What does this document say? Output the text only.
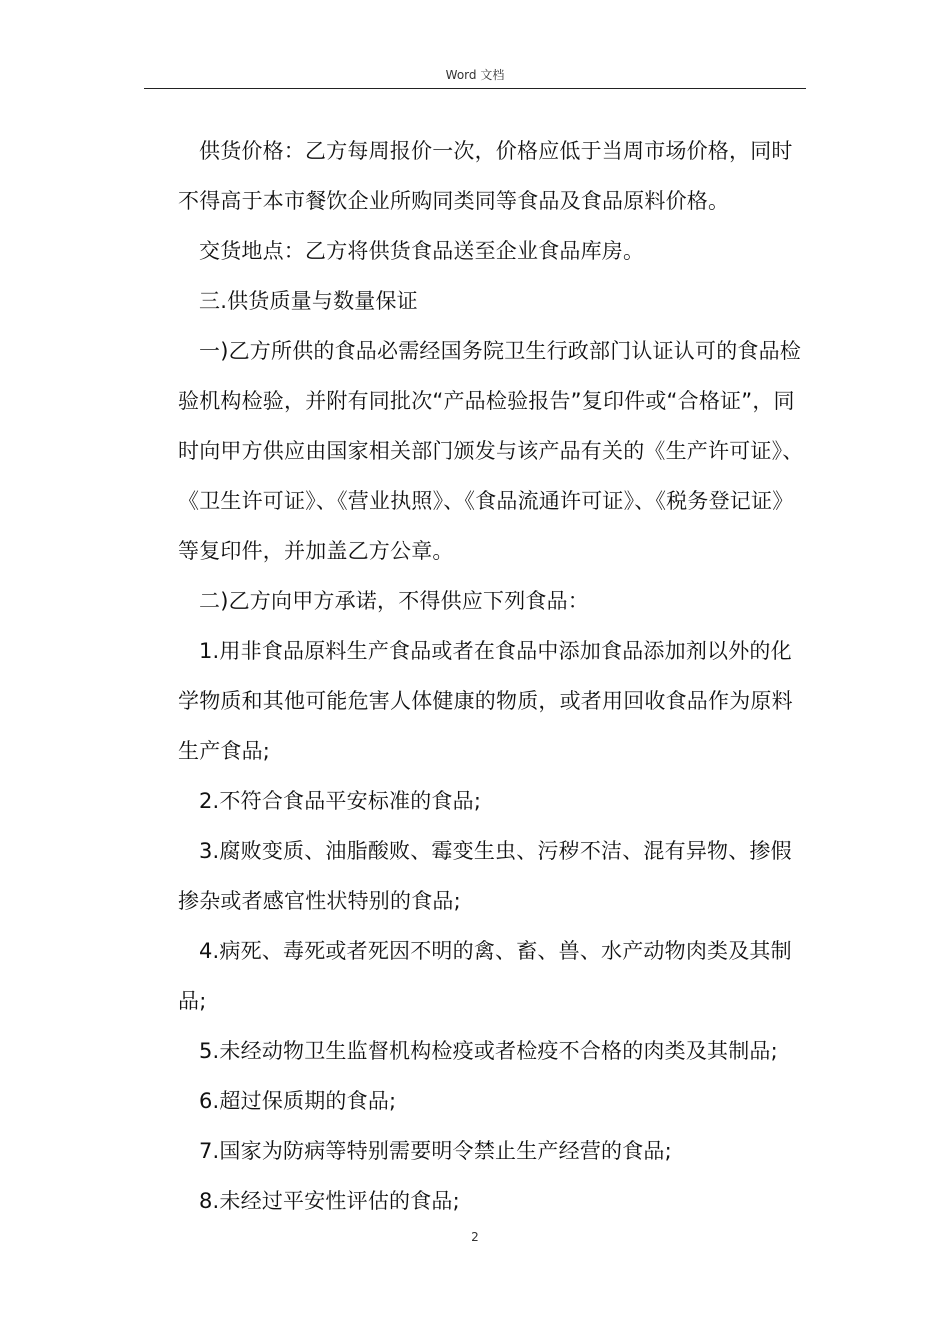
Word 文档

供货价格：乙方每周报价一次，价格应低于当周市场价格，同时不得高于本市餐饮企业所购同类同等食品及食品原料价格。

交货地点：乙方将供货食品送至企业食品库房。

三.供货质量与数量保证

一)乙方所供的食品必需经国务院卫生行政部门认证认可的食品检验机构检验，并附有同批次“产品检验报告”复印件或“合格证”，同时向甲方供应由国家相关部门颁发与该产品有关的《生产许可证》、《卫生许可证》、《营业执照》、《食品流通许可证》、《税务登记证》等复印件，并加盖乙方公章。

二)乙方向甲方承诺，不得供应下列食品：

1.用非食品原料生产食品或者在食品中添加食品添加剂以外的化学物质和其他可能危害人体健康的物质，或者用回收食品作为原料生产食品;

2.不符合食品平安标准的食品;

3.腐败变质、油脂酸败、霉变生虫、污秽不洁、混有异物、掺假掺杂或者感官性状特别的食品;

4.病死、毒死或者死因不明的禽、畜、兽、水产动物肉类及其制品;

5.未经动物卫生监督机构检疫或者检疫不合格的肉类及其制品;

6.超过保质期的食品;

7.国家为防病等特别需要明令禁止生产经营的食品;

8.未经过平安性评估的食品;

2
